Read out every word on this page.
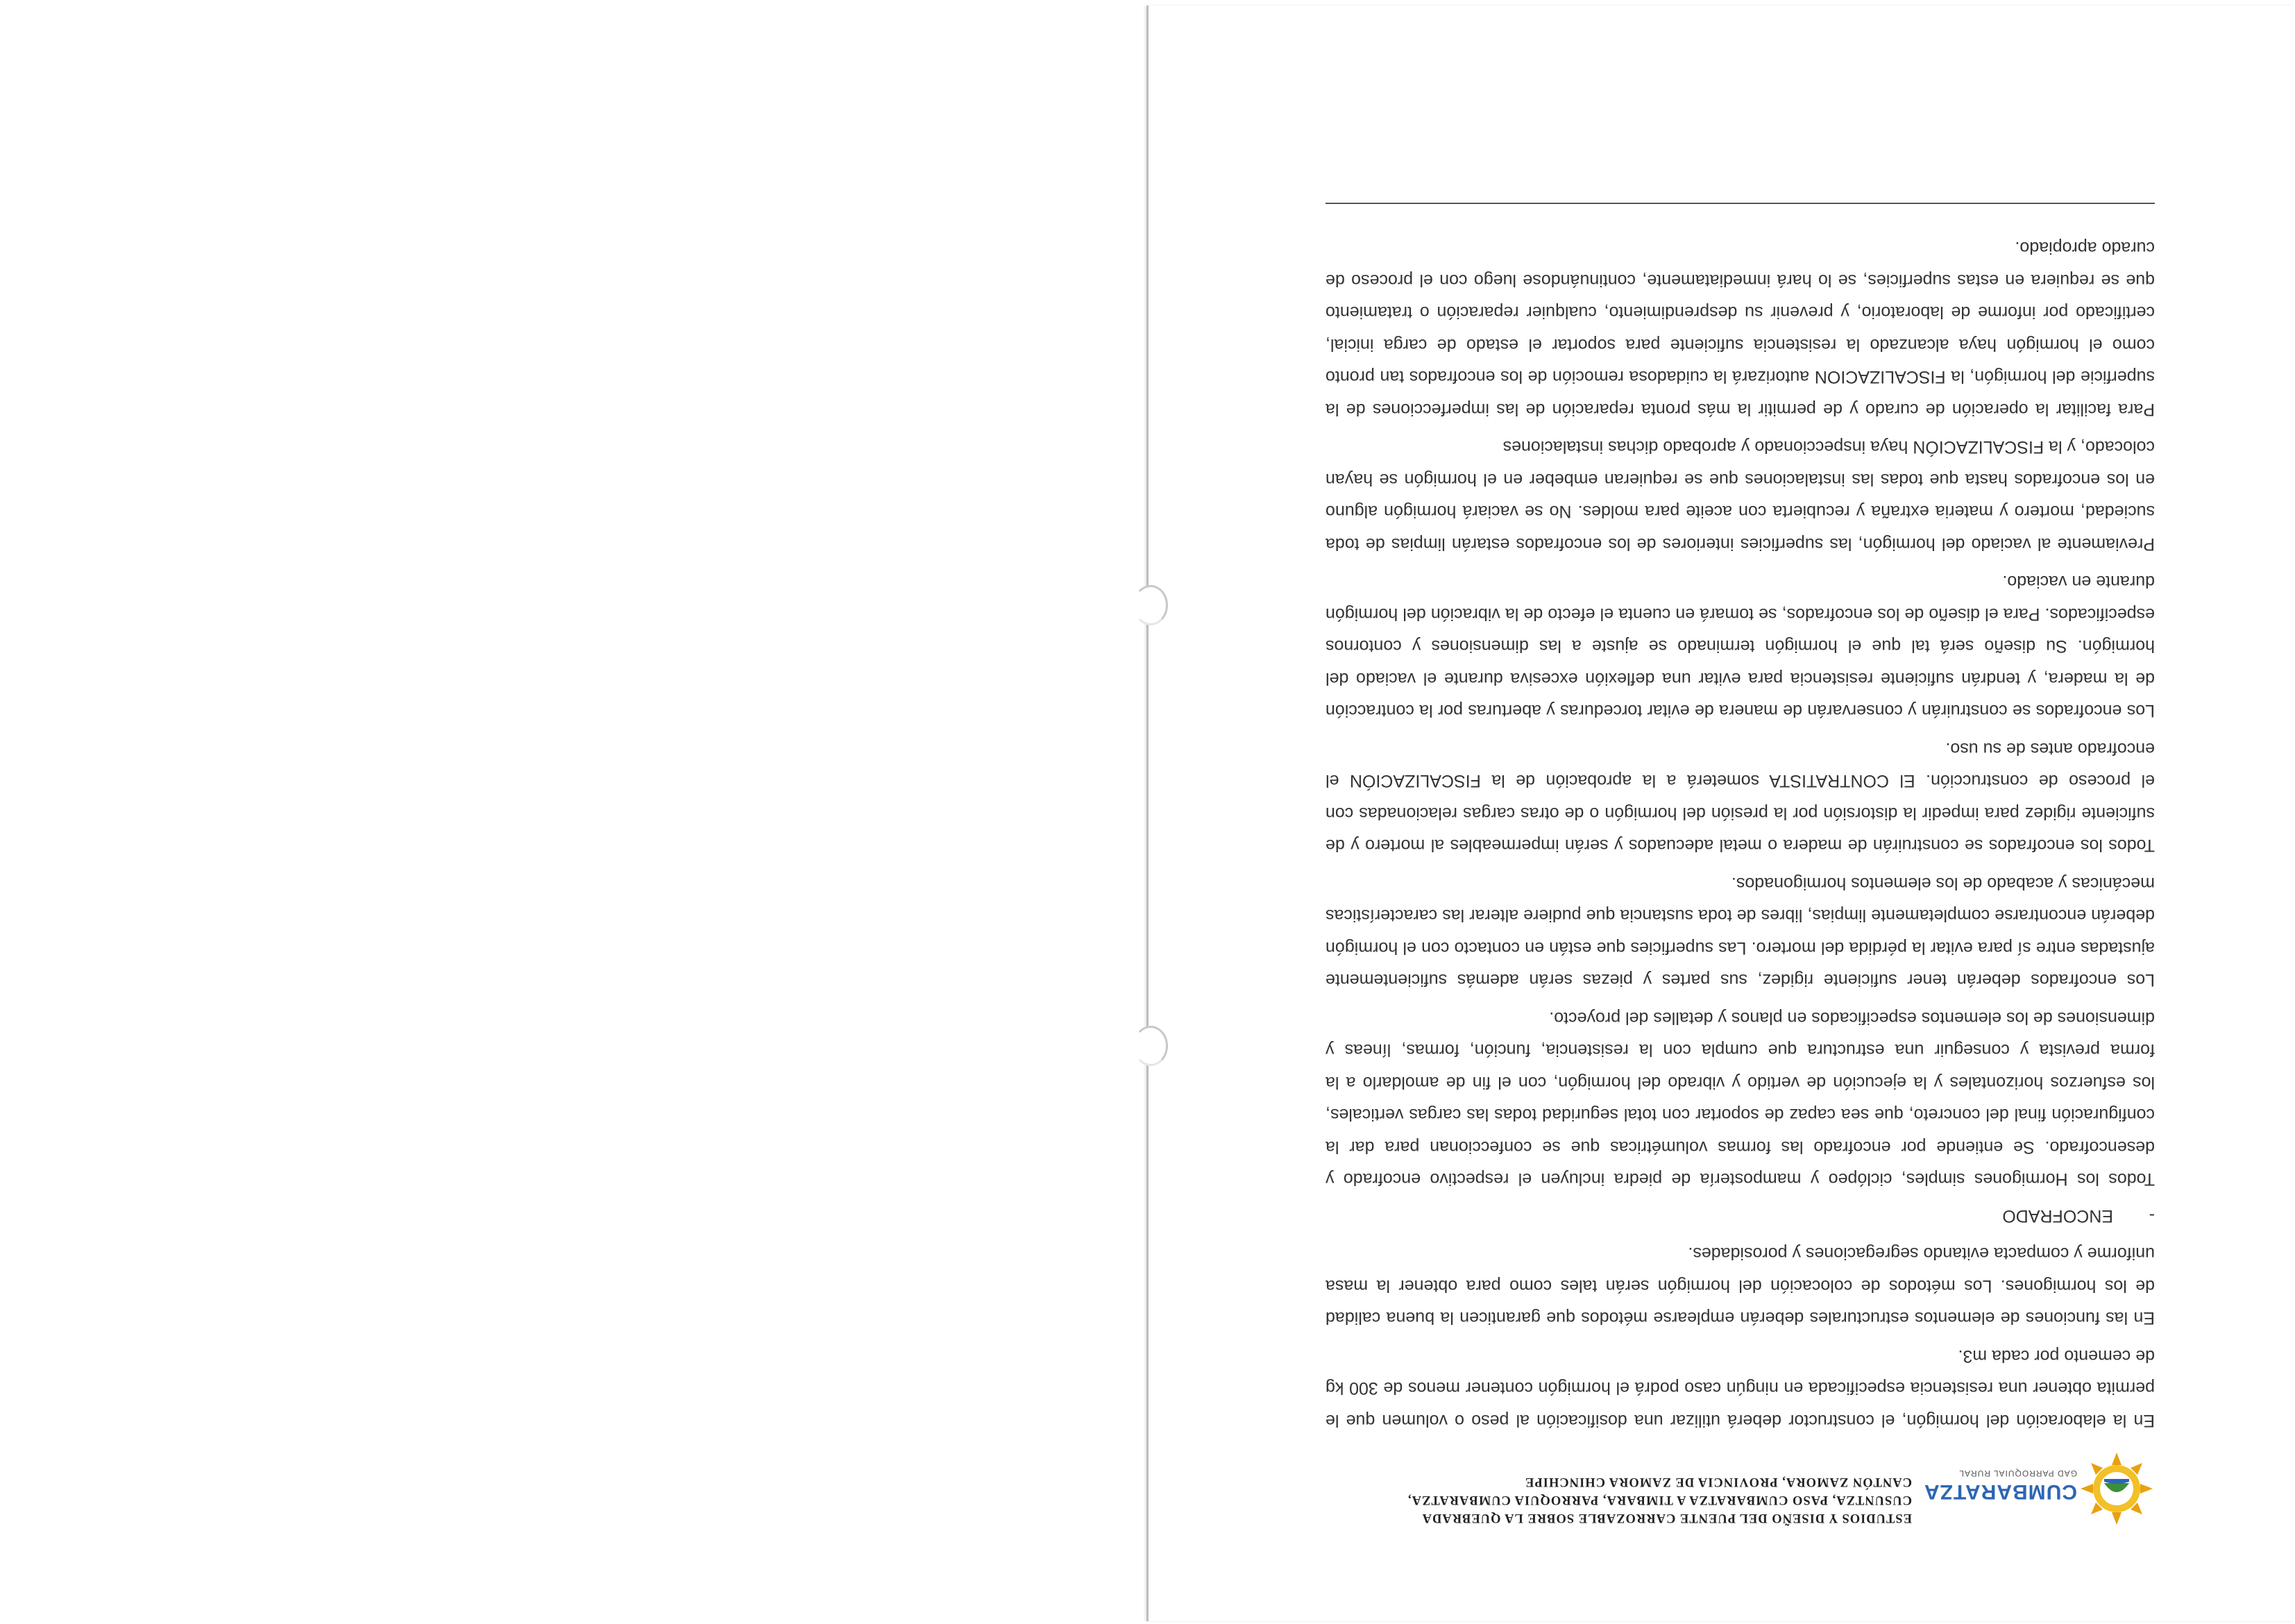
CUMBARATZA
GAD PARROQUIAL RURAL
ESTUDIOS Y DISEÑO DEL PUENTE CARROZABLE SOBRE LA QUEBRADA
CUSUNTZA, PASO CUMBARATZA A TIMBARA, PARROQUIA CUMBARATZA,
CANTÓN ZAMORA, PROVINCIA DE ZAMORA CHINCHIPE

En la elaboración del hormigón, el constructor deberá utilizar una dosificación al peso o volumen que le permita obtener una resistencia especificada en ningún caso podrá el hormigón contener menos de 300 kg de cemento por cada m3.

En las funciones de elementos estructurales deberán emplearse métodos que garanticen la buena calidad de los hormigones. Los métodos de colocación del hormigón serán tales como para obtener la masa uniforme y compacta evitando segregaciones y porosidades.

-
ENCOFRADO

Todos los Hormigones simples, ciclópeo y mampostería de piedra incluyen el respectivo encofrado y desencofrado. Se entiende por encofrado las formas volumétricas que se confeccionan para dar la configuración final del concreto, que sea capaz de soportar con total seguridad todas las cargas verticales, los esfuerzos horizontales y la ejecución de vertido y vibrado del hormigón, con el fin de amoldarlo a la forma prevista y conseguir una estructura que cumpla con la resistencia, función, formas, líneas y dimensiones de los elementos especificados en planos y detalles del proyecto.

Los encofrados deberán tener suficiente rigidez, sus partes y piezas serán además suficientemente ajustadas entre sí para evitar la pérdida del mortero. Las superficies que están en contacto con el hormigón deberán encontrarse completamente limpias, libres de toda sustancia que pudiere alterar las características mecánicas y acabado de los elementos hormigonados.

Todos los encofrados se construirán de madera o metal adecuados y serán impermeables al mortero y de suficiente rigidez para impedir la distorsión por la presión del hormigón o de otras cargas relacionadas con el proceso de construcción. El CONTRATISTA someterá a la aprobación de la FISCALIZACIÓN el encofrado antes de su uso.

Los encofrados se construirán y conservarán de manera de evitar torceduras y aberturas por la contracción de la madera, y tendrán suficiente resistencia para evitar una deflexión excesiva durante el vaciado del hormigón. Su diseño será tal que el hormigón terminado se ajuste a las dimensiones y contornos especificados. Para el diseño de los encofrados, se tomará en cuenta el efecto de la vibración del hormigón durante en vaciado.

Previamente al vaciado del hormigón, las superficies interiores de los encofrados estarán limpias de toda suciedad, mortero y materia extraña y recubierta con aceite para moldes. No se vaciará hormigón alguno en los encofrados hasta que todas las instalaciones que se requieran embeber en el hormigón se hayan colocado, y la FISCALIZACIÓN haya inspeccionado y aprobado dichas instalaciones

Para facilitar la operación de curado y de permitir la más pronta reparación de las imperfecciones de la superficie del hormigón, la FISCALIZACION autorizará la cuidadosa remoción de los encofrados tan pronto como el hormigón haya alcanzado la resistencia suficiente para soportar el estado de carga inicial, certificado por informe de laboratorio, y prevenir su desprendimiento, cualquier reparación o tratamiento que se requiera en estas superficies, se lo hará inmediatamente, continuándose luego con el proceso de curado apropiado.
